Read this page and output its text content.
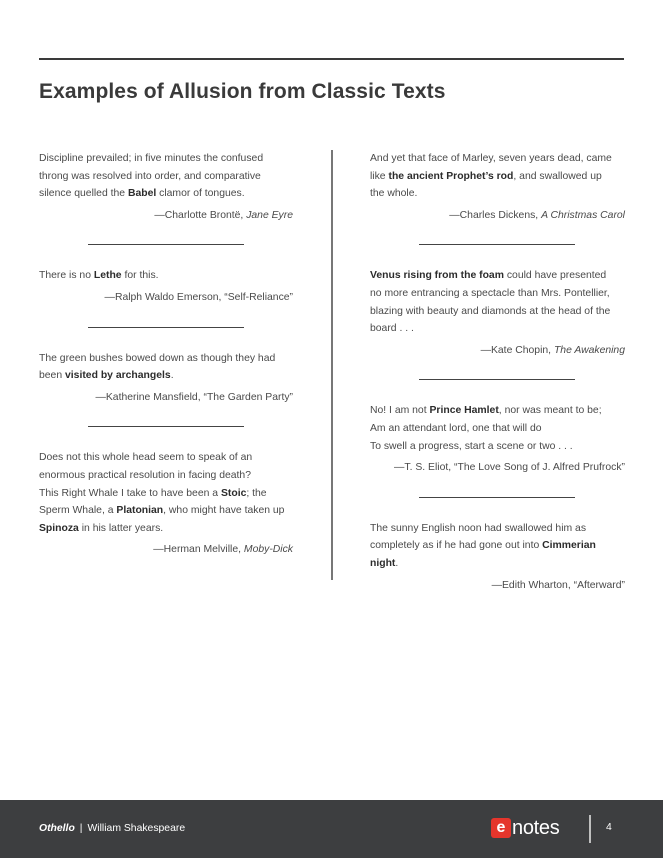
Examples of Allusion from Classic Texts
Discipline prevailed; in five minutes the confused
throng was resolved into order, and comparative
silence quelled the Babel clamor of tongues.
—Charlotte Brontë, Jane Eyre
There is no Lethe for this.
—Ralph Waldo Emerson, “Self-Reliance”
The green bushes bowed down as though they had
been visited by archangels.
—Katherine Mansfield, “The Garden Party”
Does not this whole head seem to speak of an
enormous practical resolution in facing death?
This Right Whale I take to have been a Stoic; the
Sperm Whale, a Platonian, who might have taken up
Spinoza in his latter years.
—Herman Melville, Moby-Dick
And yet that face of Marley, seven years dead, came
like the ancient Prophet’s rod, and swallowed up
the whole.
—Charles Dickens, A Christmas Carol
Venus rising from the foam could have presented
no more entrancing a spectacle than Mrs. Pontellier,
blazing with beauty and diamonds at the head of the
board . . .
—Kate Chopin, The Awakening
No! I am not Prince Hamlet, nor was meant to be;
Am an attendant lord, one that will do
To swell a progress, start a scene or two . . .
—T. S. Eliot, “The Love Song of J. Alfred Prufrock”
The sunny English noon had swallowed him as
completely as if he had gone out into Cimmerian
night.
—Edith Wharton, “Afterward”
Othello | William Shakespeare	e notes	4
